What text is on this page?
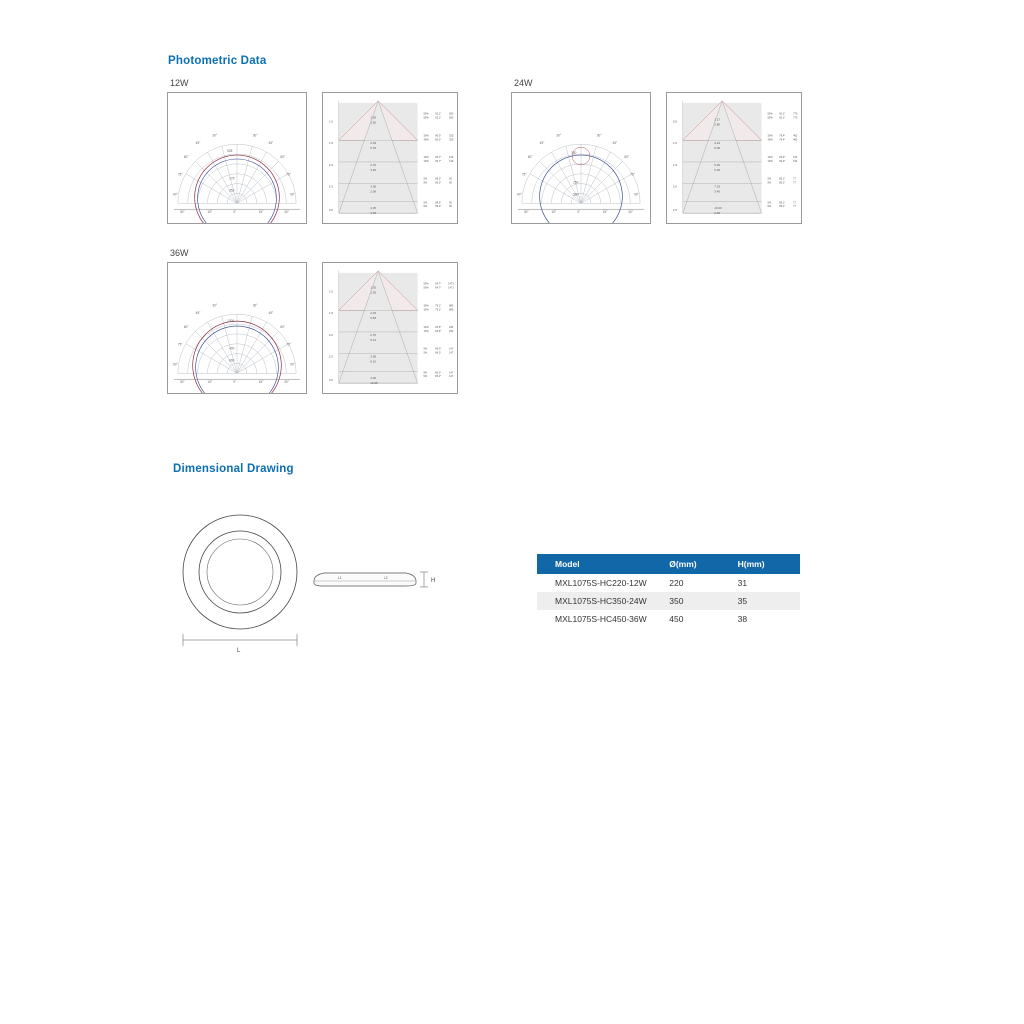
Photometric Data
12W
90°
75°
60°
45°
30°
90°
75°
60°
45°
30°
30°	15°	0°	15°	30°
176
352
528
1.0
1.5
2.0
2.5
3.0
1.35
1.30
2.03
5.78
2.70
3.25
3.38
2.08
4.05
1.45
50%	62.1°	650
50%	62.1°	650
30%	80.3°	325
30%	80.3°	325
10%	84.7°	130
10%	84.7°	130
5%	86.2°	65
5%	86.2°	65
5%	86.2°	65
5%	86.2°	65
24W
90°
75°
60°
45°
30°
90°
75°
60°
45°
30°
30°	15°	0°	15°	30°
250
500
750
0.5
1.0
1.5
2.0
2.5
1.17
2.80
3.24
9.05
5.26
5.30
7.19
3.40
10.03
2.20
50%	60.1°	770
50%	60.1°	770
30%	76.4°	462
30%	76.4°	462
10%	82.3°	154
10%	82.3°	154
5%	85.1°	77
5%	85.1°	77
5%	85.1°	77
5%	85.1°	77
36W
90°
75°
60°
45°
30°
90°
75°
60°
45°
30°
30°	15°	0°	15°	30°
400
800
1200
1.0
1.5
2.0
2.5
3.0
1.35
1.35
2.03
6.48
2.70
5.21
3.38
8.10
4.05
13.25
50%	64.7°	1471
50%	64.7°	1471
30%	79.1°	883
30%	79.1°	883
10%	84.6°	294
10%	84.6°	294
5%	86.3°	147
5%	86.3°	147
5%	86.3°	147
5%	86.3°	147
Dimensional Drawing
L
L1	L2	H
Model	Ø(mm)	H(mm)
MXL1075S-HC220-12W	220	31
MXL1075S-HC350-24W	350	35
MXL1075S-HC450-36W	450	38
